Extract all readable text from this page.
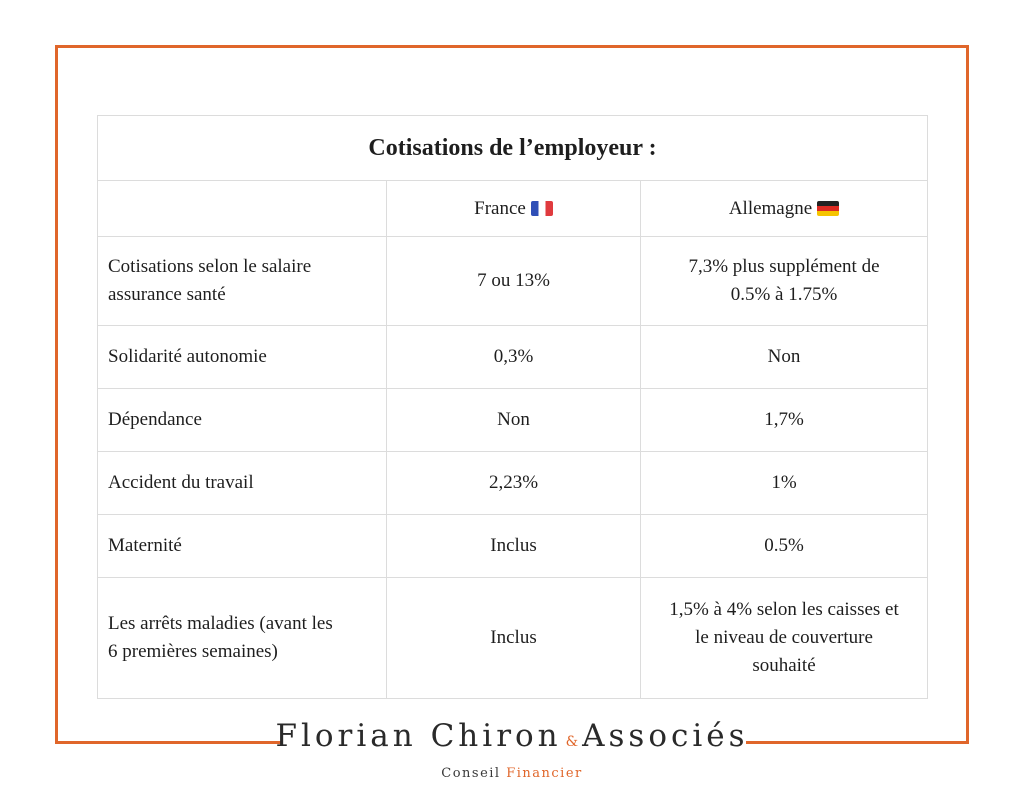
Cotisations de l’employeur :		
	France	Allemagne
Cotisations selon le salaire
assurance santé	7 ou 13%	7,3% plus supplément de
0.5% à 1.75%
Solidarité autonomie	0,3%	Non
Dépendance	Non	1,7%
Accident du travail	2,23%	1%
Maternité	Inclus	0.5%
Les arrêts maladies (avant les
6 premières semaines)	Inclus	1,5% à 4% selon les caisses et
le niveau de couverture
souhaité
Florian Chiron & Associés
Conseil Financier
